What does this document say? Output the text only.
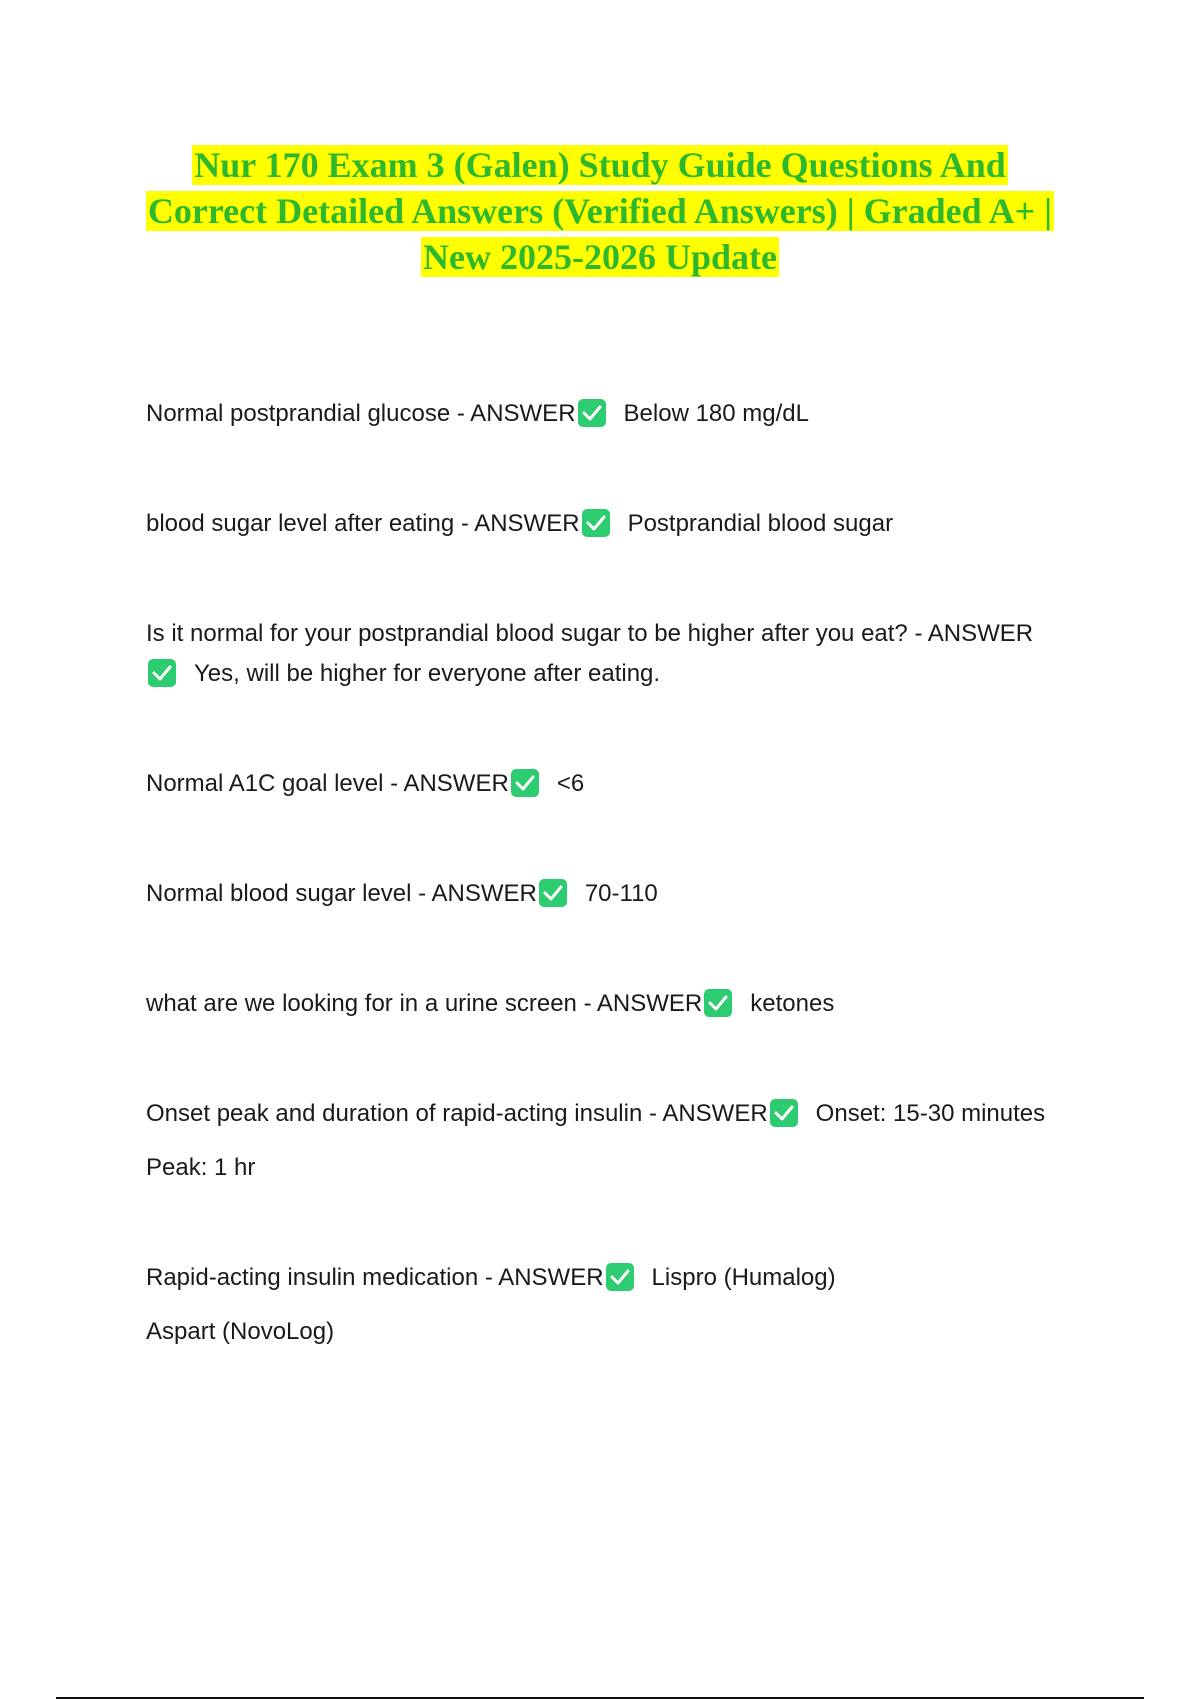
Nur 170 Exam 3 (Galen) Study Guide Questions And
Correct Detailed Answers (Verified Answers) | Graded A+ |
New 2025-2026 Update
Normal postprandial glucose - ANSWER Below 180 mg/dL
blood sugar level after eating - ANSWER Postprandial blood sugar
Is it normal for your postprandial blood sugar to be higher after you eat? - ANSWER
Yes, will be higher for everyone after eating.
Normal A1C goal level - ANSWER <6
Normal blood sugar level - ANSWER 70-110
what are we looking for in a urine screen - ANSWER ketones
Onset peak and duration of rapid-acting insulin - ANSWER Onset: 15-30 minutes
Peak: 1 hr
Rapid-acting insulin medication - ANSWER Lispro (Humalog)
Aspart (NovoLog)
